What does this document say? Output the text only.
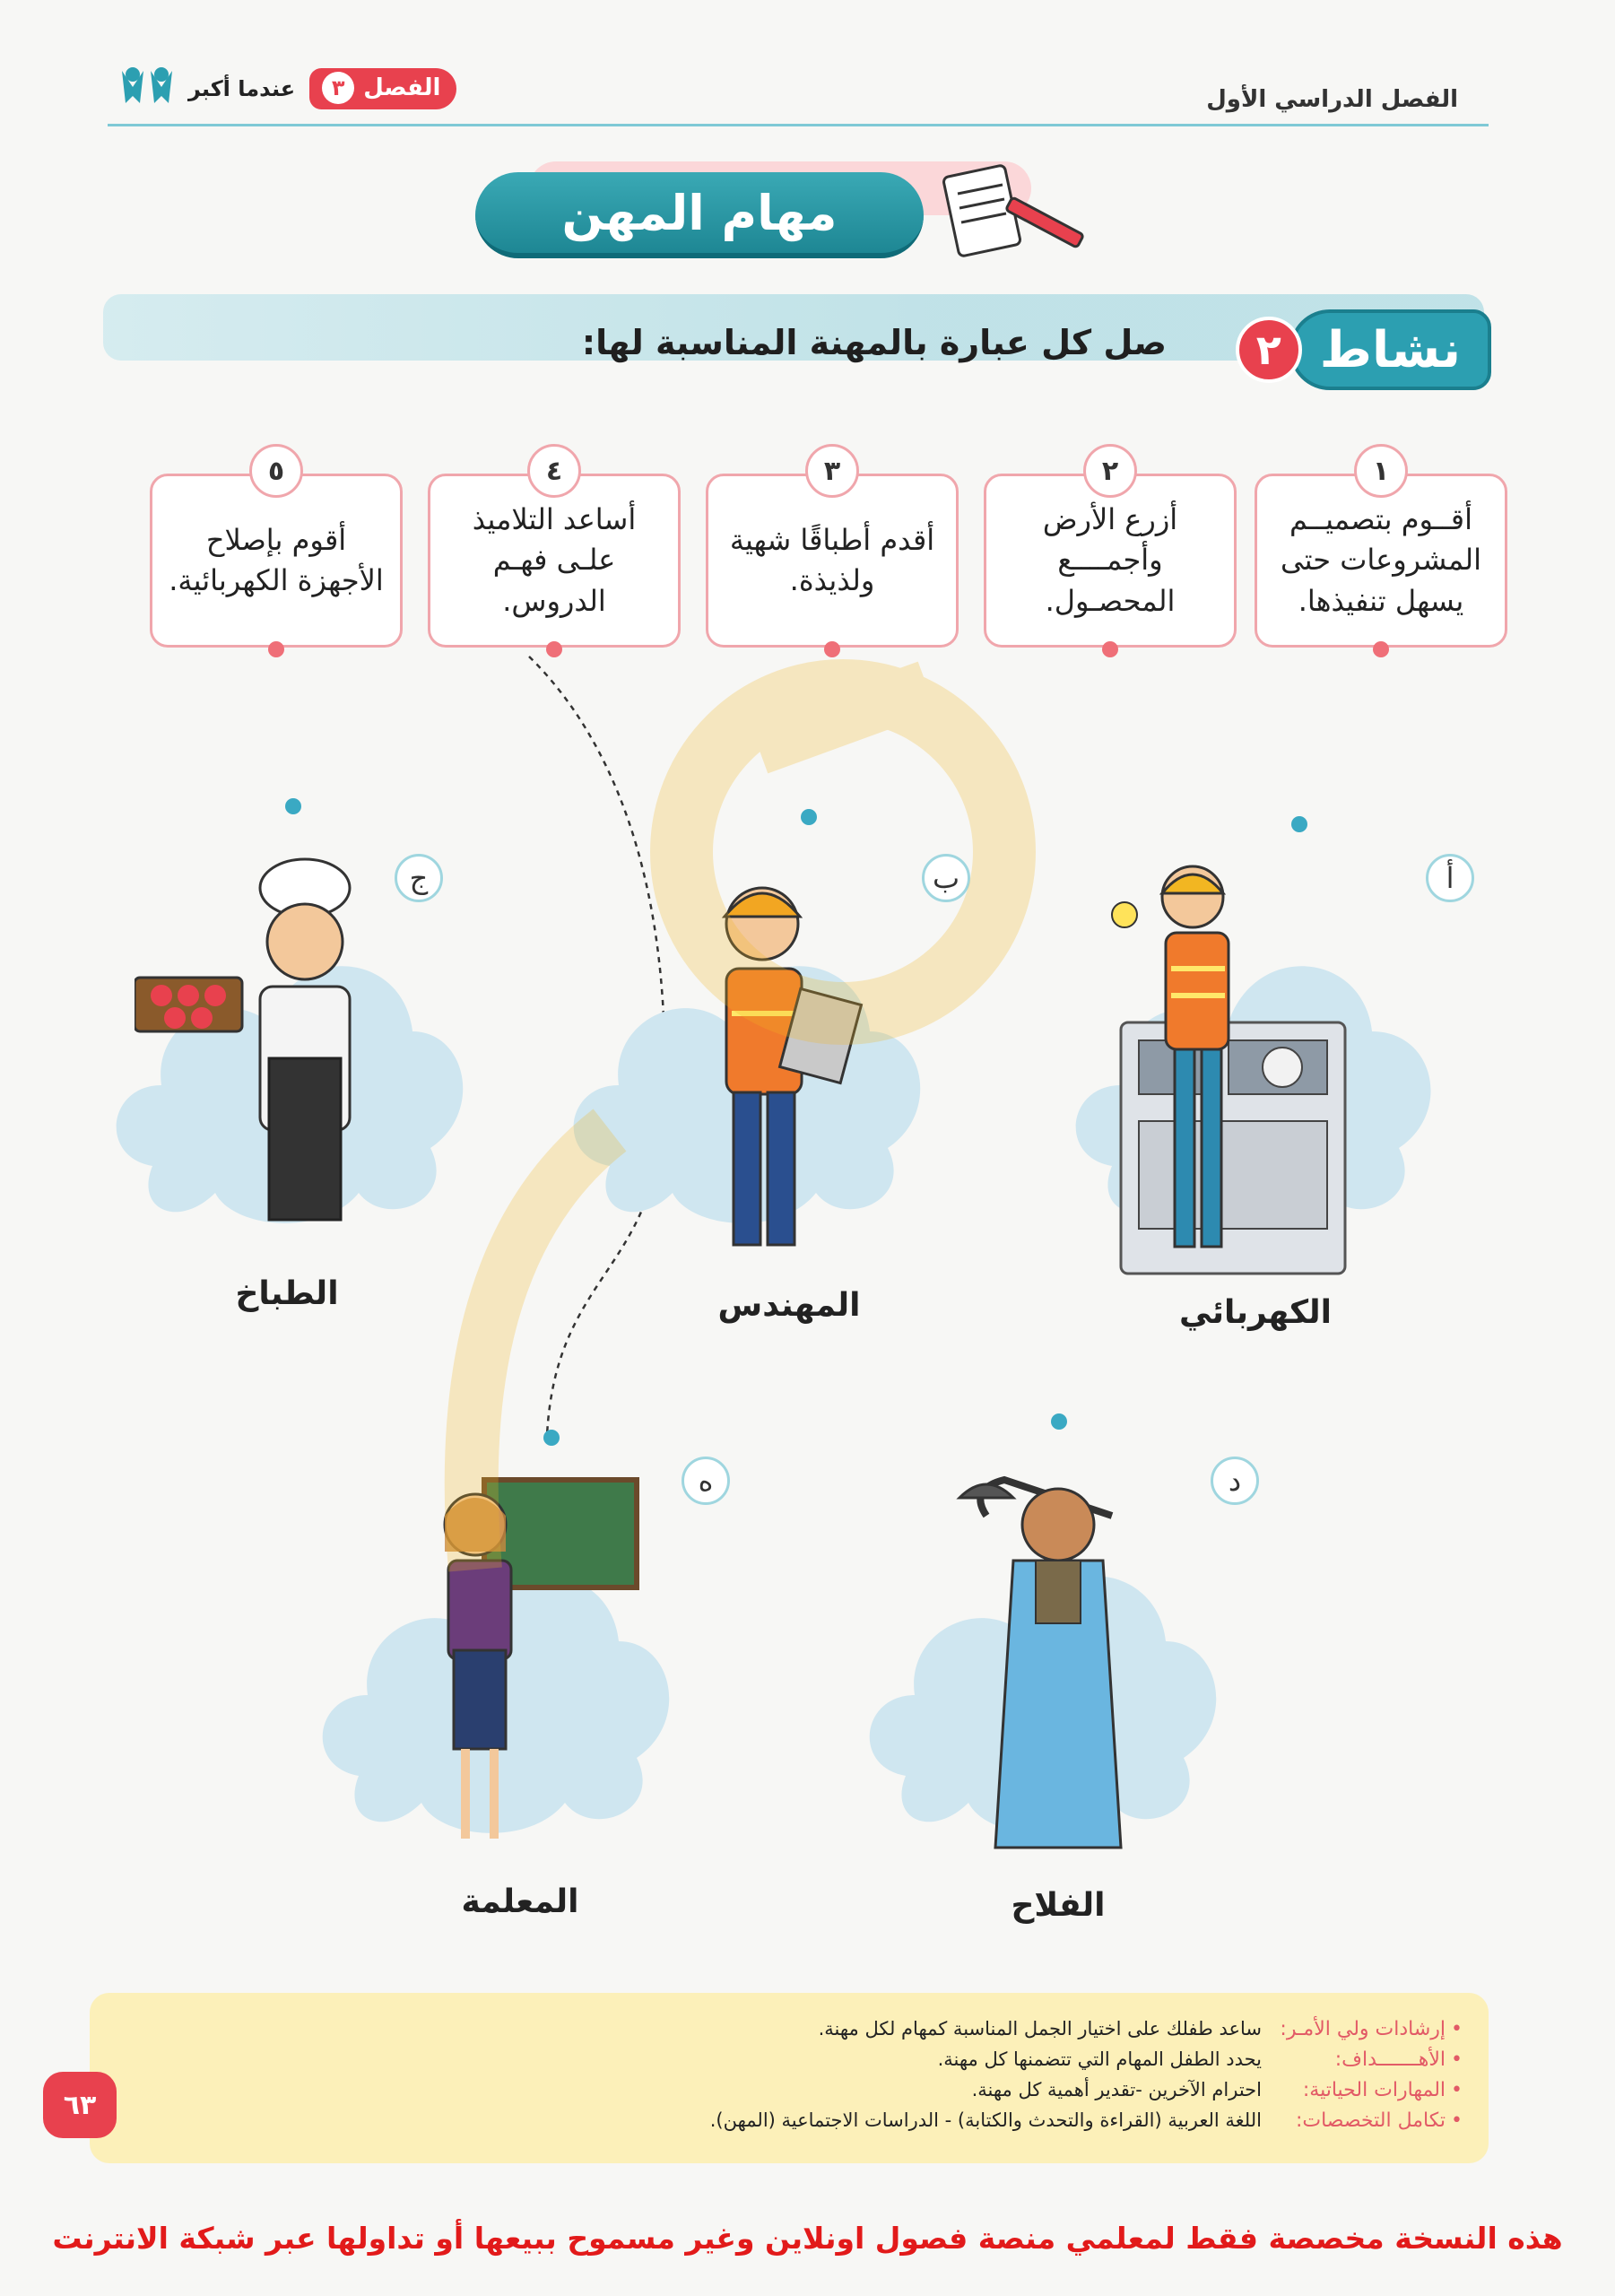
الفصل الدراسي الأول
الفصل
٣
عندما أكبر
مهام المهن
نشاط
٢
صل كل عبارة بالمهنة المناسبة لها:
١
أقــوم بتصميــم المشروعات حتى يسهل تنفيذها.
٢
أزرع الأرض وأجمــــع المحصـول.
٣
أقدم أطباقًا شهية ولذيذة.
٤
أساعد التلاميذ علـى فهـم الدروس.
٥
أقوم بإصلاح الأجهزة الكهربائية.
أ
الكهربائي
ب
المهندس
ج
الطباخ
د
الفلاح
ه
المعلمة
• إرشادات ولي الأمـر:
ساعد طفلك على اختيار الجمل المناسبة كمهام لكل مهنة.
• الأهـــــــداف:
يحدد الطفل المهام التي تتضمنها كل مهنة.
• المهارات الحياتية:
احترام الآخرين -تقدير أهمية كل مهنة.
• تكامل التخصصات:
اللغة العربية (القراءة والتحدث والكتابة) - الدراسات الاجتماعية (المهن).
٦٣
هذه النسخة مخصصة فقط لمعلمي منصة فصول اونلاين وغير مسموح ببيعها أو تداولها عبر شبكة الانترنت
